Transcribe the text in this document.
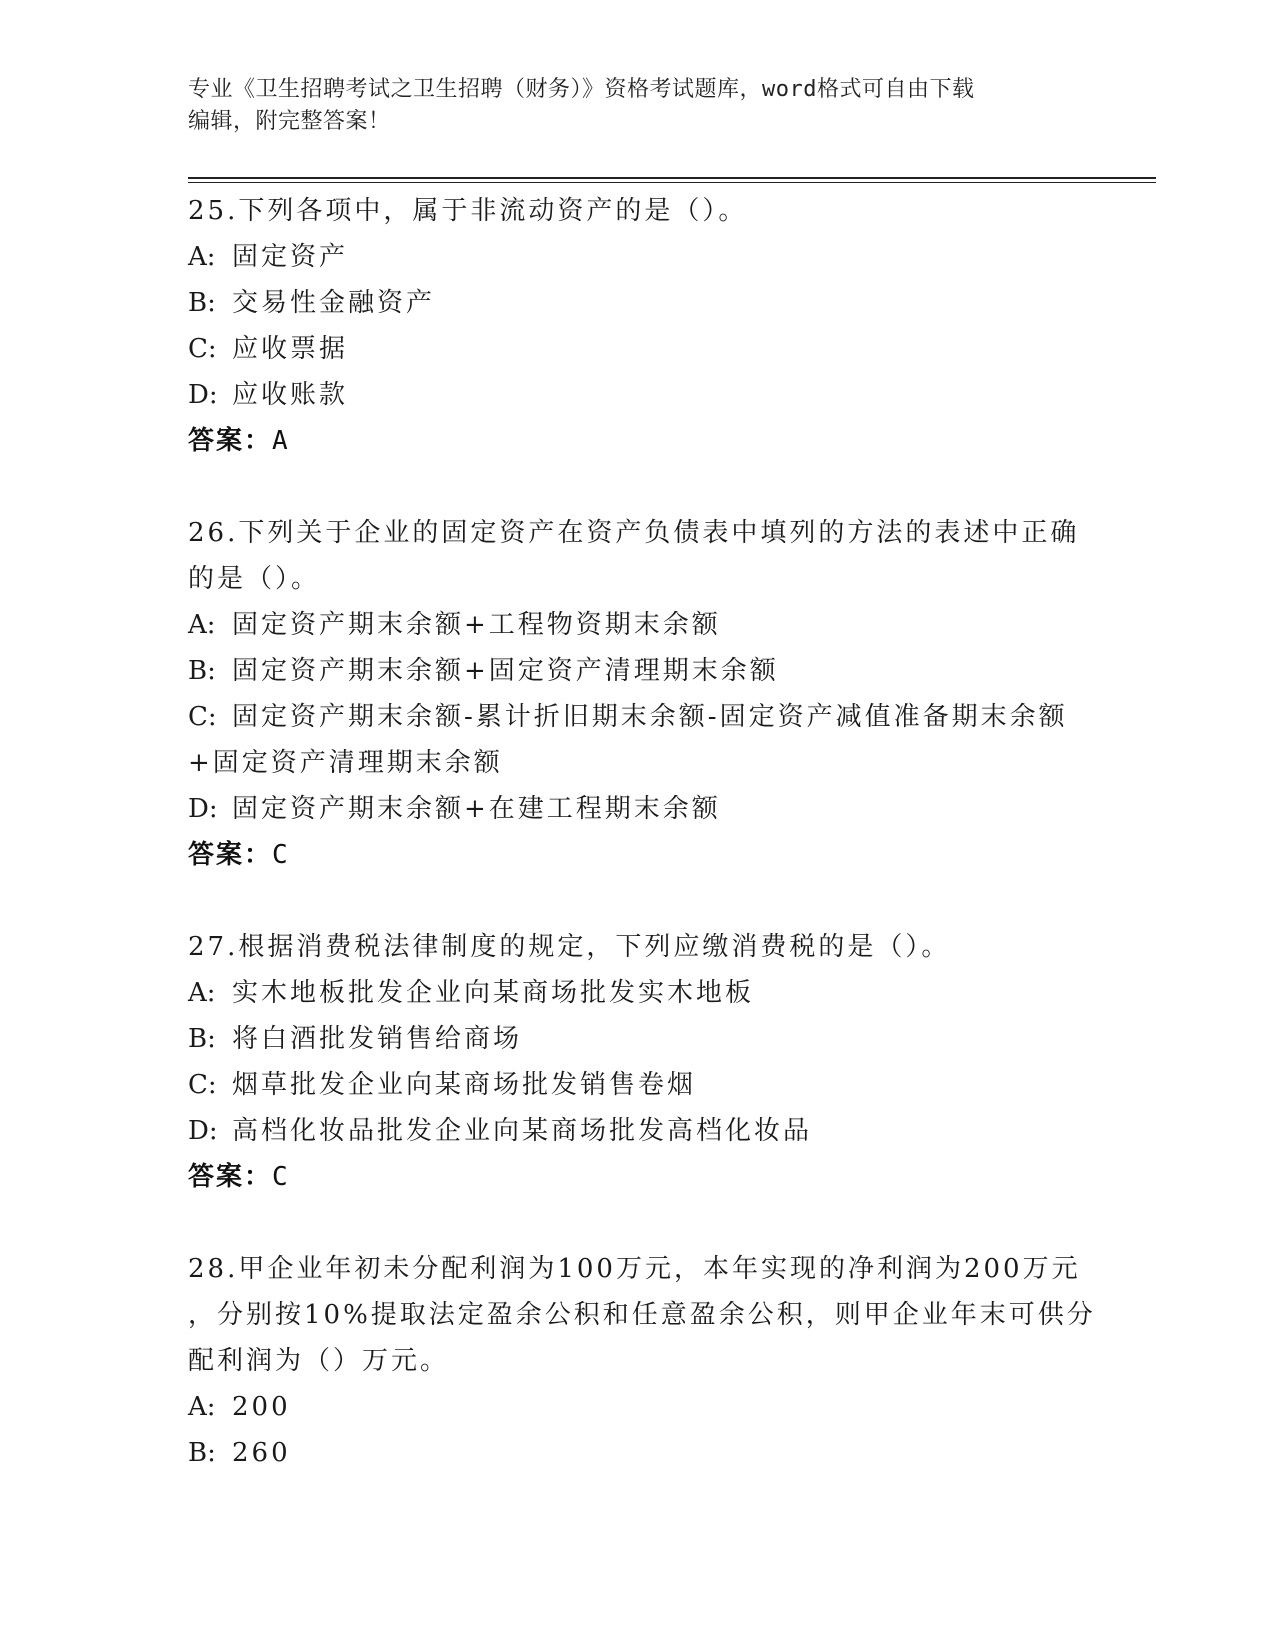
专业《卫生招聘考试之卫生招聘（财务）》资格考试题库，word格式可自由下载
编辑，附完整答案！
25.下列各项中，属于非流动资产的是（）。
A: 固定资产
B: 交易性金融资产
C: 应收票据
D: 应收账款
答案：A
26.下列关于企业的固定资产在资产负债表中填列的方法的表述中正确
的是（）。
A: 固定资产期末余额+工程物资期末余额
B: 固定资产期末余额+固定资产清理期末余额
C: 固定资产期末余额-累计折旧期末余额-固定资产减值准备期末余额
+固定资产清理期末余额
D: 固定资产期末余额+在建工程期末余额
答案：C
27.根据消费税法律制度的规定，下列应缴消费税的是（）。
A: 实木地板批发企业向某商场批发实木地板
B: 将白酒批发销售给商场
C: 烟草批发企业向某商场批发销售卷烟
D: 高档化妆品批发企业向某商场批发高档化妆品
答案：C
28.甲企业年初未分配利润为100万元，本年实现的净利润为200万元
，分别按10%提取法定盈余公积和任意盈余公积，则甲企业年末可供分
配利润为（）万元。
A: 200
B: 260
